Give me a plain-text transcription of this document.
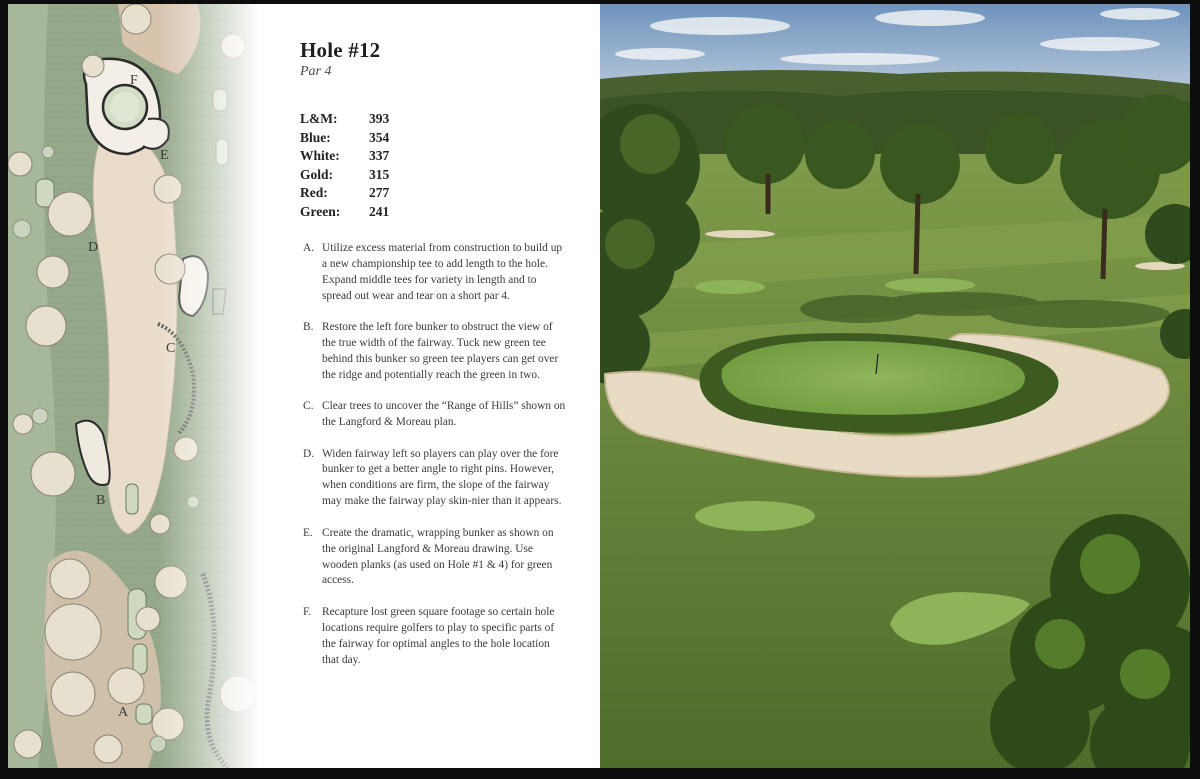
F
E
D
C
B
A
Hole #12
Par 4
L&M:	393
Blue:	354
White:	337
Gold:	315
Red:	277
Green:	241
A. Utilize excess material from construction to build up a new championship tee to add length to the hole. Expand middle tees for variety in length and to spread out wear and tear on a short par 4.
B. Restore the left fore bunker to obstruct the view of the true width of the fairway. Tuck new green tee behind this bunker so green tee players can get over the ridge and potentially reach the green in two.
C. Clear trees to uncover the “Range of Hills” shown on the Langford & Moreau plan.
D. Widen fairway left so players can play over the fore bunker to get a better angle to right pins. However, when conditions are firm, the slope of the fairway may make the fairway play skin-nier than it appears.
E. Create the dramatic, wrapping bunker as shown on the original Langford & Moreau drawing. Use wooden planks (as used on Hole #1 & 4) for green access.
F. Recapture lost green square footage so certain hole locations require golfers to play to specific parts of the fairway for optimal angles to the hole location that day.
